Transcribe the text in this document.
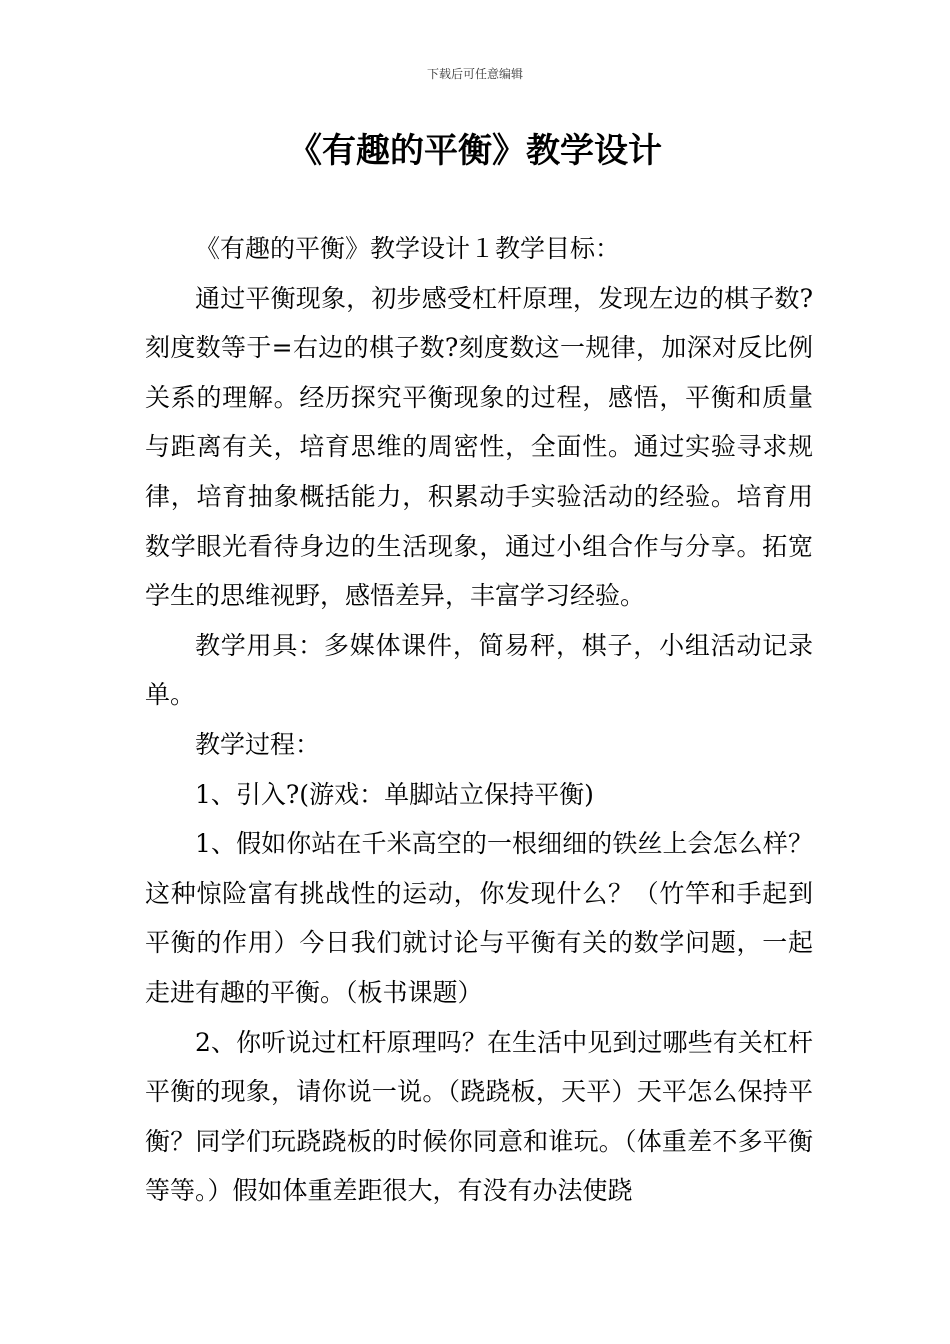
下载后可任意编辑
《有趣的平衡》教学设计

《有趣的平衡》教学设计１教学目标：

通过平衡现象，初步感受杠杆原理，发现左边的棋子数?刻度数等于=右边的棋子数?刻度数这一规律，加深对反比例关系的理解。经历探究平衡现象的过程，感悟，平衡和质量与距离有关，培育思维的周密性，全面性。通过实验寻求规律，培育抽象概括能力，积累动手实验活动的经验。培育用数学眼光看待身边的生活现象，通过小组合作与分享。拓宽学生的思维视野，感悟差异，丰富学习经验。

教学用具：多媒体课件，简易秤，棋子，小组活动记录单。

教学过程：

1、引入?(游戏：单脚站立保持平衡)

1、假如你站在千米高空的一根细细的铁丝上会怎么样？这种惊险富有挑战性的运动，你发现什么？（竹竿和手起到平衡的作用）今日我们就讨论与平衡有关的数学问题，一起走进有趣的平衡。（板书课题）

2、你听说过杠杆原理吗？在生活中见到过哪些有关杠杆平衡的现象，请你说一说。（跷跷板，天平）天平怎么保持平衡？同学们玩跷跷板的时候你同意和谁玩。（体重差不多平衡等等。）假如体重差距很大，有没有办法使跷
